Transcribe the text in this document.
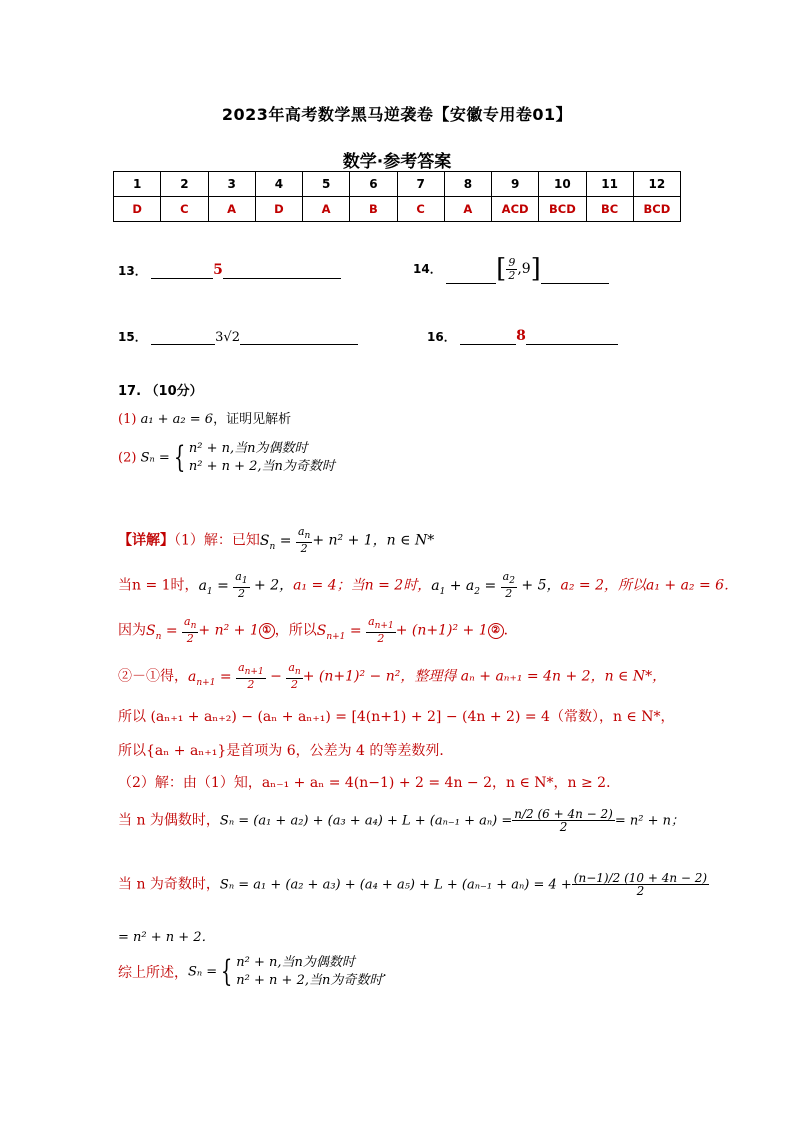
2023年高考数学黑马逆袭卷【安徽专用卷01】
数学·参考答案
1	2	3	4	5	6	7	8	9	10	11	12
D	C	A	D	A	B	C	A	ACD	BCD	BC	BCD
13．	5	14． [ $\frac{9}{2} ,9$]
15．	3√2	16．	8
17. （10分）
(1) a₁ + a₂ = 6，证明见解析
(2) Sₙ = { n² + n,当n为偶数时
n² + n + 2,当n为奇数时
【详解】（1）解：已知$S_n = \frac{a_n}{2} + n^2 + 1$，n ∈ N*
当n = 1时，$a_1 = \frac{a_1}{2} + 2$，a₁ = 4；当n = 2时，$a_1 + a_2 = \frac{a_2}{2} + 5$，a₂ = 2，所以a₁ + a₂ = 6．
因为$S_n = \frac{a_n}{2} + n^2 + 1$ ① ，所以$S_{n+1} = \frac{a_{n+1}}{2} + (n+1)^2 + 1$ ② ．
②－①得，$a_{n+1} = \frac{a_{n+1}}{2} - \frac{a_n}{2} + (n+1)^2 - n^2$，整理得 aₙ + aₙ₊₁ = 4n + 2，n ∈ N*，
所以 (aₙ₊₁ + aₙ₊₂) − (aₙ + aₙ₊₁) = [4(n+1) + 2] − (4n + 2) = 4（常数），n ∈ N*，
所以{aₙ + aₙ₊₁}是首项为 6，公差为 4 的等差数列．
（2）解：由（1）知，aₙ₋₁ + aₙ = 4(n−1) + 2 = 4n − 2，n ∈ N*，n ≥ 2．
当 n 为偶数时，$S_n = (a_1 + a_2) + (a_3 + a_4) + L + (a_{n-1} + a_n) = \frac{n/2 (6 + 4n - 2)}{2} = n^2 + n$；
当 n 为奇数时，$S_n = a_1 + (a_2 + a_3) + (a_4 + a_5) + L + (a_{n-1} + a_n) = 4 + \frac{(n-1)/2 (10 + 4n - 2)}{2}$
= n² + n + 2．
综上所述，Sₙ = { n² + n,当n为偶数时
n² + n + 2,当n为奇数时
.
